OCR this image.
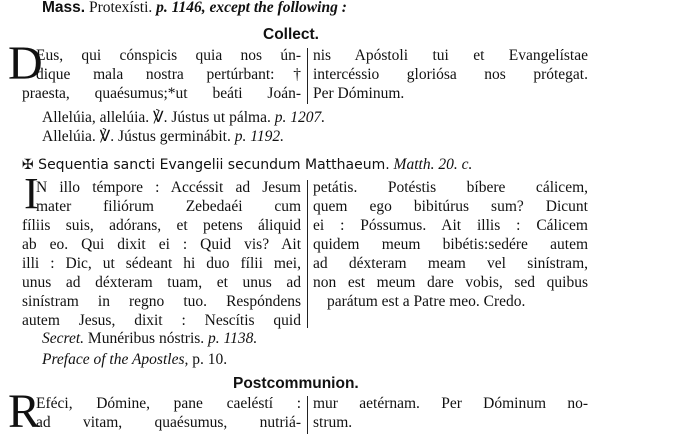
Mass. Protexísti. p. 1146, except the following :
Collect.
D
Eus, qui cónspicis quia nos ún-
dique mala nostra pertúrbant:†
praesta, quaésumus;*ut beáti Joán-
nis Apóstoli tui et Evangelístae
intercéssio gloriósa nos prótegat.
Per Dóminum.
Allelúia, allelúia. ℣. Jústus ut pálma. p. 1207.
Allelúia. ℣. Jústus germinábit. p. 1192.
✠ Sequentia sancti Evangelii secundum Matthaeum. Matth. 20. c.
I
N illo témpore : Accéssit ad Jesum
mater filiórum Zebedaéi cum
fíliis suis, adórans, et petens áliquid
ab eo. Qui dixit ei : Quid vis? Ait
illi : Dic, ut sédeant hi duo fílii mei,
unus ad déxteram tuam, et unus ad
sinístram in regno tuo. Respóndens
autem Jesus, dixit : Nescítis quid
petátis. Potéstis bíbere cálicem,
quem ego bibitúrus sum? Dicunt
ei : Póssumus. Ait illis : Cálicem
quidem meum bibétis:sedére autem
ad déxteram meam vel sinístram,
non est meum dare vobis, sed quibus
parátum est a Patre meo. Credo.
Secret. Munéribus nóstris. p. 1138.
Preface of the Apostles, p. 10.
Postcommunion.
R
Eféci, Dómine, pane caeléstí :
ad vitam, quaésumus, nutriá-
mur aetérnam. Per Dóminum no-
strum.
